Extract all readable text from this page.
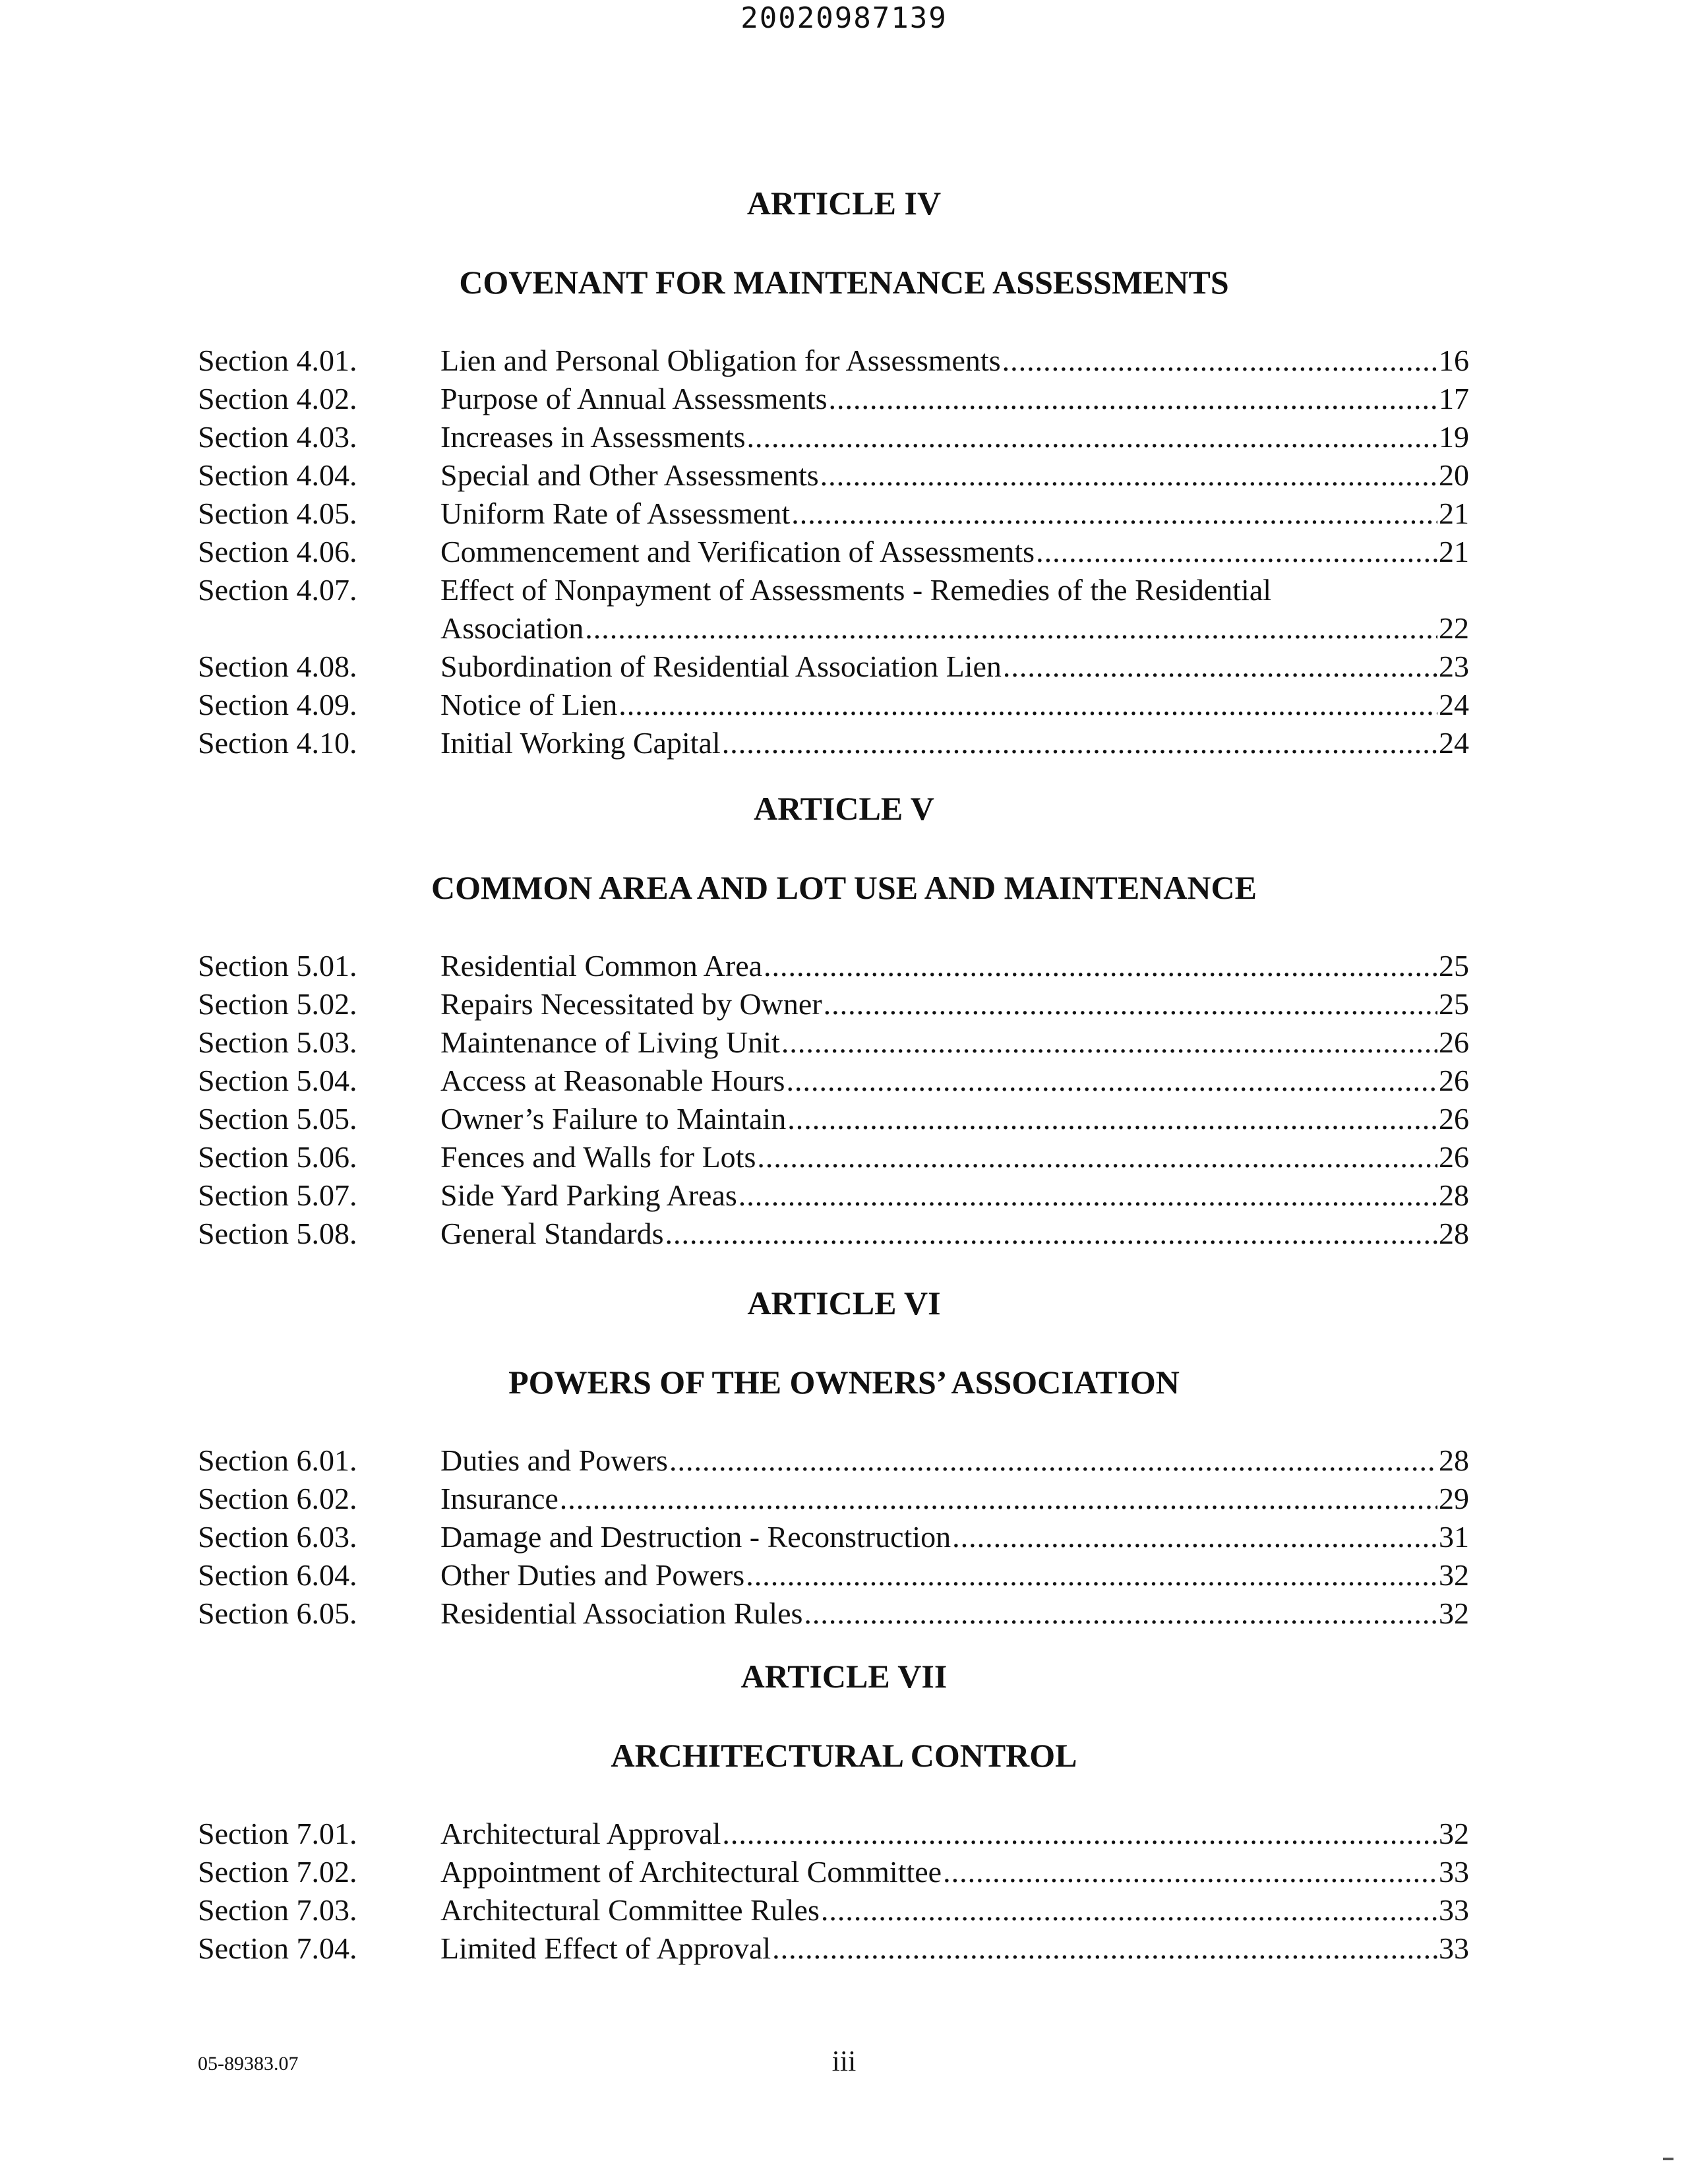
20020987139
ARTICLE IV
COVENANT FOR MAINTENANCE ASSESSMENTS
Section 4.01.	Lien and Personal Obligation for Assessments .....	16
Section 4.02.	Purpose of Annual Assessments .....	17
Section 4.03.	Increases in Assessments .....	19
Section 4.04.	Special and Other Assessments .....	20
Section 4.05.	Uniform Rate of Assessment .....	21
Section 4.06.	Commencement and Verification of Assessments .....	21
Section 4.07.	Effect of Nonpayment of Assessments - Remedies of the Residential
Association .....	22
Section 4.08.	Subordination of Residential Association Lien .....	23
Section 4.09.	Notice of Lien .....	24
Section 4.10.	Initial Working Capital .....	24
ARTICLE V
COMMON AREA AND LOT USE AND MAINTENANCE
Section 5.01.	Residential Common Area .....	25
Section 5.02.	Repairs Necessitated by Owner .....	25
Section 5.03.	Maintenance of Living Unit .....	26
Section 5.04.	Access at Reasonable Hours .....	26
Section 5.05.	Owner’s Failure to Maintain .....	26
Section 5.06.	Fences and Walls for Lots .....	26
Section 5.07.	Side Yard Parking Areas .....	28
Section 5.08.	General Standards .....	28
ARTICLE VI
POWERS OF THE OWNERS’ ASSOCIATION
Section 6.01.	Duties and Powers .....	28
Section 6.02.	Insurance .....	29
Section 6.03.	Damage and Destruction - Reconstruction .....	31
Section 6.04.	Other Duties and Powers .....	32
Section 6.05.	Residential Association Rules .....	32
ARTICLE VII
ARCHITECTURAL CONTROL
Section 7.01.	Architectural Approval .....	32
Section 7.02.	Appointment of Architectural Committee .....	33
Section 7.03.	Architectural Committee Rules .....	33
Section 7.04.	Limited Effect of Approval .....	33
05-89383.07	iii
